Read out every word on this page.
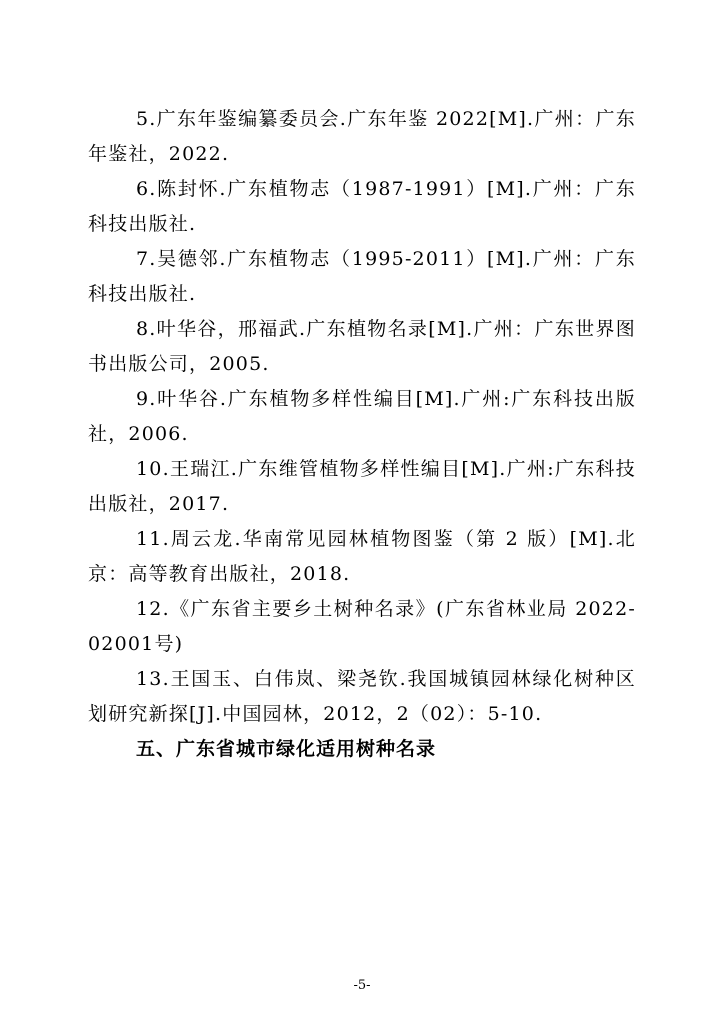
5.广东年鉴编纂委员会.广东年鉴 2022[M].广州：广东年鉴社，2022.

6.陈封怀.广东植物志（1987-1991）[M].广州：广东科技出版社.

7.吴德邻.广东植物志（1995-2011）[M].广州：广东科技出版社.

8.叶华谷，邢福武.广东植物名录[M].广州：广东世界图书出版公司，2005.

9.叶华谷.广东植物多样性编目[M].广州:广东科技出版社，2006.

10.王瑞江.广东维管植物多样性编目[M].广州:广东科技出版社，2017.

11.周云龙.华南常见园林植物图鉴（第 2 版）[M].北京：高等教育出版社，2018.

12.《广东省主要乡土树种名录》(广东省林业局 2022-02001号)

13.王国玉、白伟岚、梁尧钦.我国城镇园林绿化树种区划研究新探[J].中国园林，2012，2（02）：5-10.

五、广东省城市绿化适用树种名录

-5-
